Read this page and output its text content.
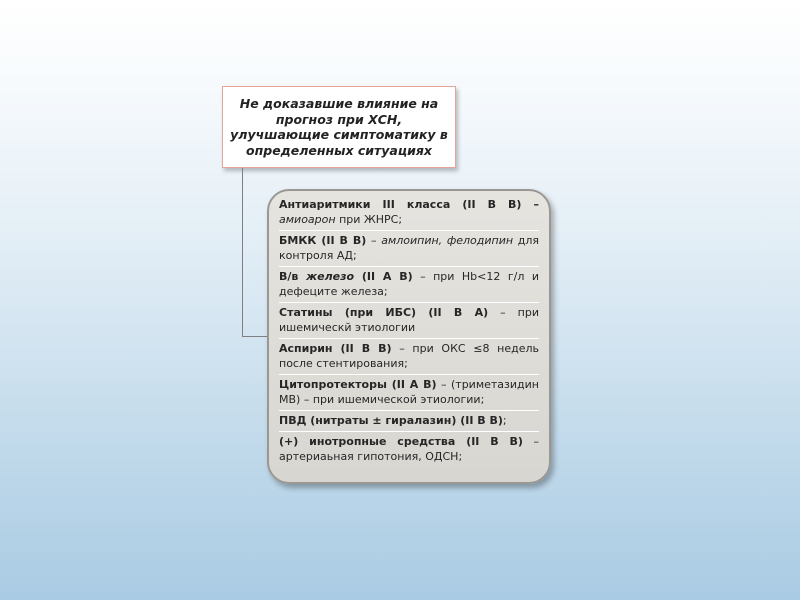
Не доказавшие влияние на прогноз при ХСН, улучшающие симптоматику в определенных ситуациях
Антиаритмики III класса (II В В) – амиоарон при ЖНРС;
БМКК (II В В) – амлоипин, фелодипин для контроля АД;
В/в железо (II А В) – при Hb<12 г/л и дефеците железа;
Статины (при ИБС) (II В А) – при ишемическй этиологии
Аспирин (II В В) – при ОКС ≤8 недель после стентирования;
Цитопротекторы (II А В) – (триметазидин MB) – при ишемической этиологии;
ПВД (нитраты ± гиралазин) (II В В);
(+) инотропные средства (II В В) – артериаьная гипотония, ОДСН;
